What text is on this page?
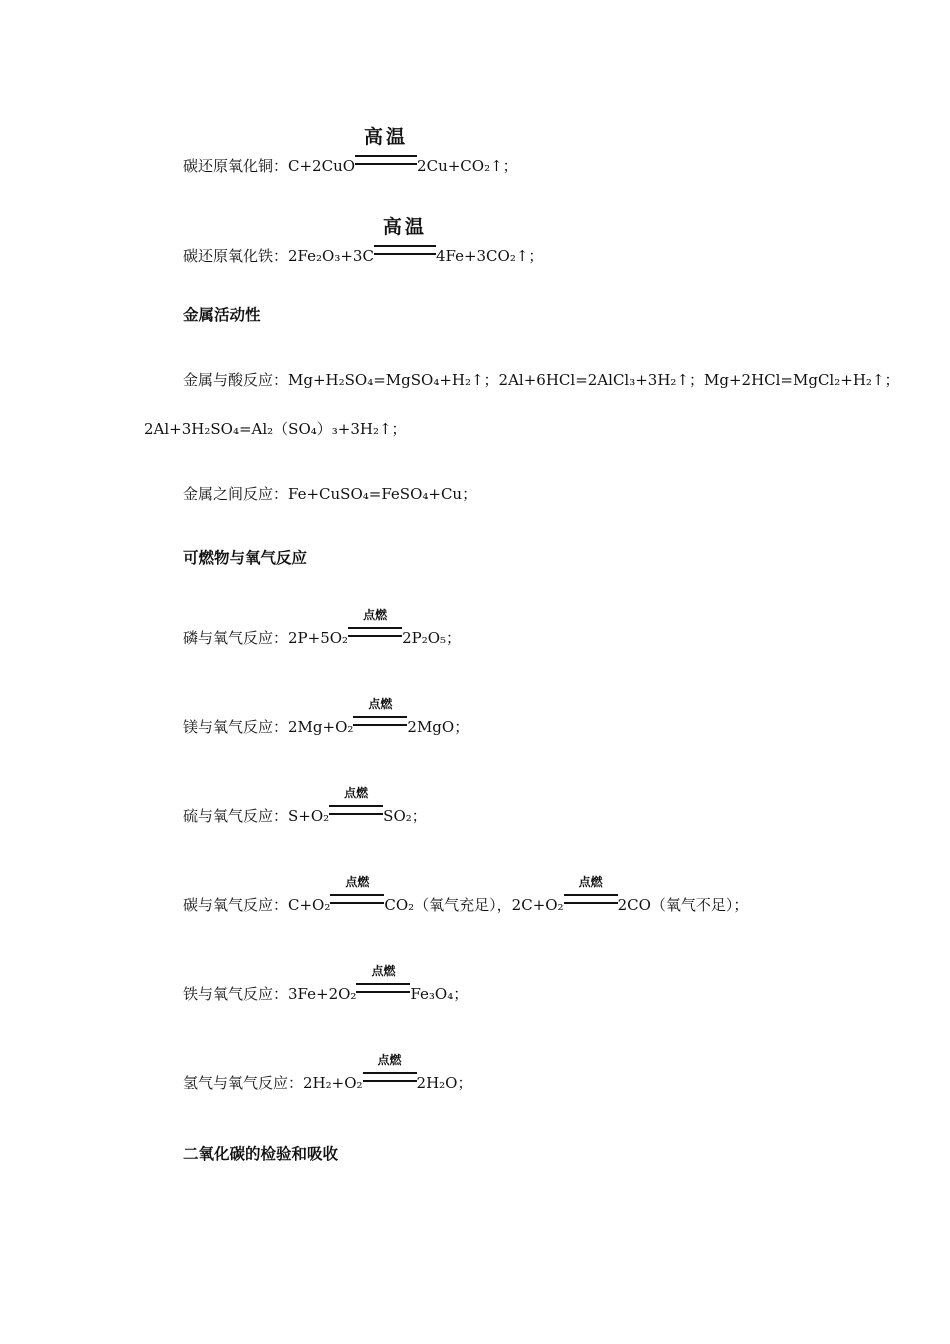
碳还原氧化铜：C+2CuO
高温
2Cu+CO₂↑；
碳还原氧化铁：2Fe₂O₃+3C
高温
4Fe+3CO₂↑；
金属活动性
金属与酸反应：Mg+H₂SO₄=MgSO₄+H₂↑；2Al+6HCl=2AlCl₃+3H₂↑；Mg+2HCl=MgCl₂+H₂↑；
2Al+3H₂SO₄=Al₂（SO₄）₃+3H₂↑；
金属之间反应：Fe+CuSO₄=FeSO₄+Cu；
可燃物与氧气反应
磷与氧气反应：2P+5O₂
点燃
2P₂O₅；
镁与氧气反应：2Mg+O₂
点燃
2MgO；
硫与氧气反应：S+O₂
点燃
SO₂；
碳与氧气反应：C+O₂
点燃
CO₂（氧气充足），2C+O₂
点燃
2CO（氧气不足）；
铁与氧气反应：3Fe+2O₂
点燃
Fe₃O₄；
氢气与氧气反应：2H₂+O₂
点燃
2H₂O；
二氧化碳的检验和吸收
